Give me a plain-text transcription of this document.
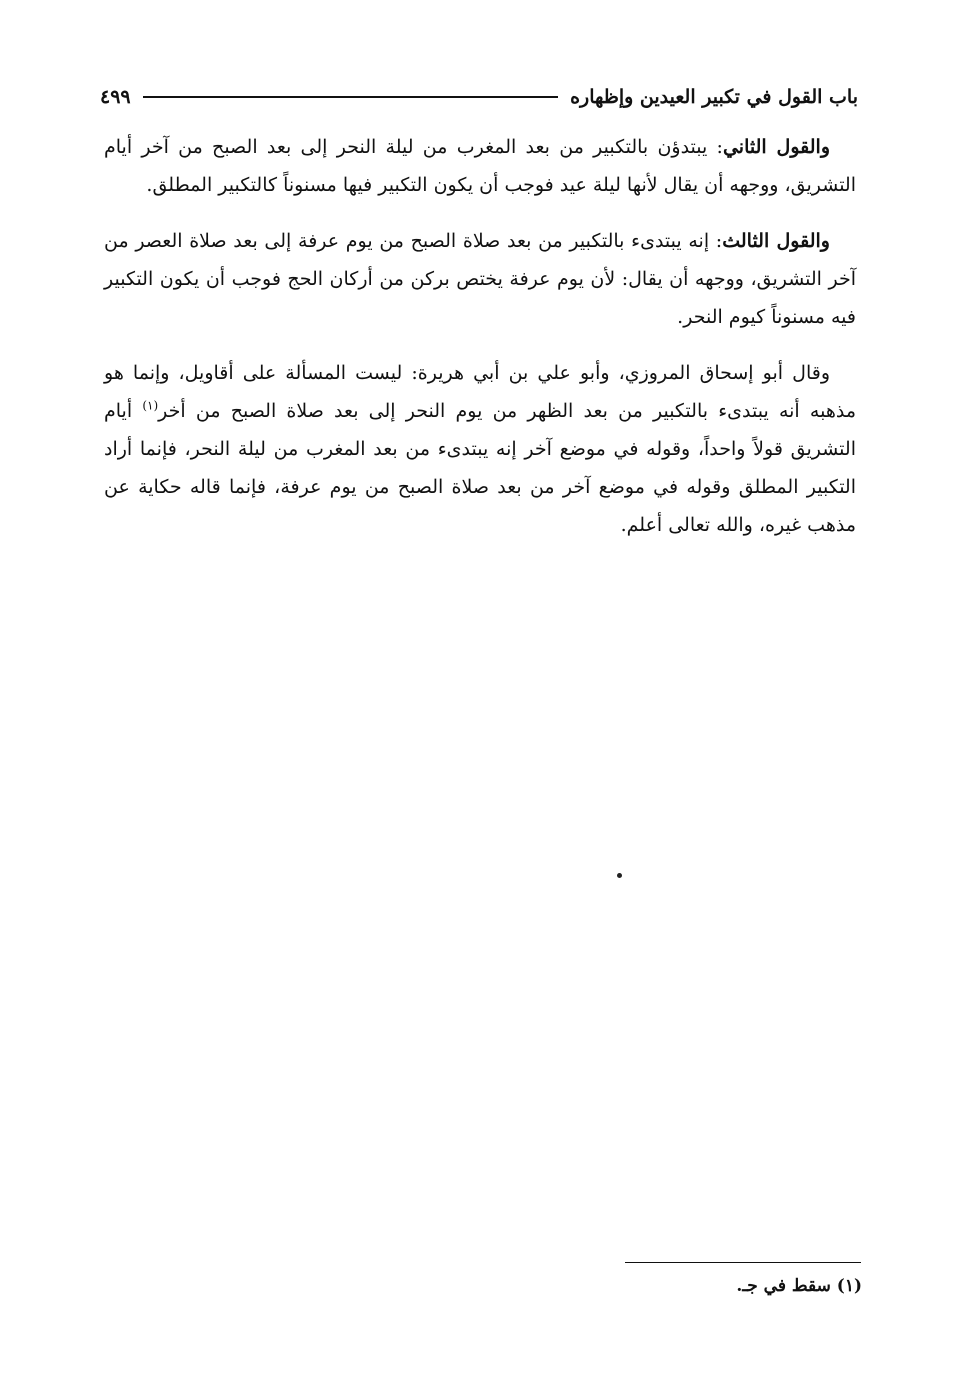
باب القول في تكبير العيدين وإظهاره
٤٩٩

والقول الثاني: يبتدؤن بالتكبير من بعد المغرب من ليلة النحر إلى بعد الصبح من آخر أيام التشريق، ووجهه أن يقال لأنها ليلة عيد فوجب أن يكون التكبير فيها مسنوناً كالتكبير المطلق.

والقول الثالث: إنه يبتدىء بالتكبير من بعد صلاة الصبح من يوم عرفة إلى بعد صلاة العصر من آخر التشريق، ووجهه أن يقال: لأن يوم عرفة يختص بركن من أركان الحج فوجب أن يكون التكبير فيه مسنوناً كيوم النحر.

وقال أبو إسحاق المروزي، وأبو علي بن أبي هريرة: ليست المسألة على أقاويل، وإنما هو مذهبه أنه يبتدىء بالتكبير من بعد الظهر من يوم النحر إلى بعد صلاة الصبح من أخر$^{(١)}$ أيام التشريق قولاً واحداً، وقوله في موضع آخر إنه يبتدىء من بعد المغرب من ليلة النحر، فإنما أراد التكبير المطلق وقوله في موضع آخر من بعد صلاة الصبح من يوم عرفة، فإنما قاله حكاية عن مذهب غيره، والله تعالى أعلم.

(١) سقط في جـ.
